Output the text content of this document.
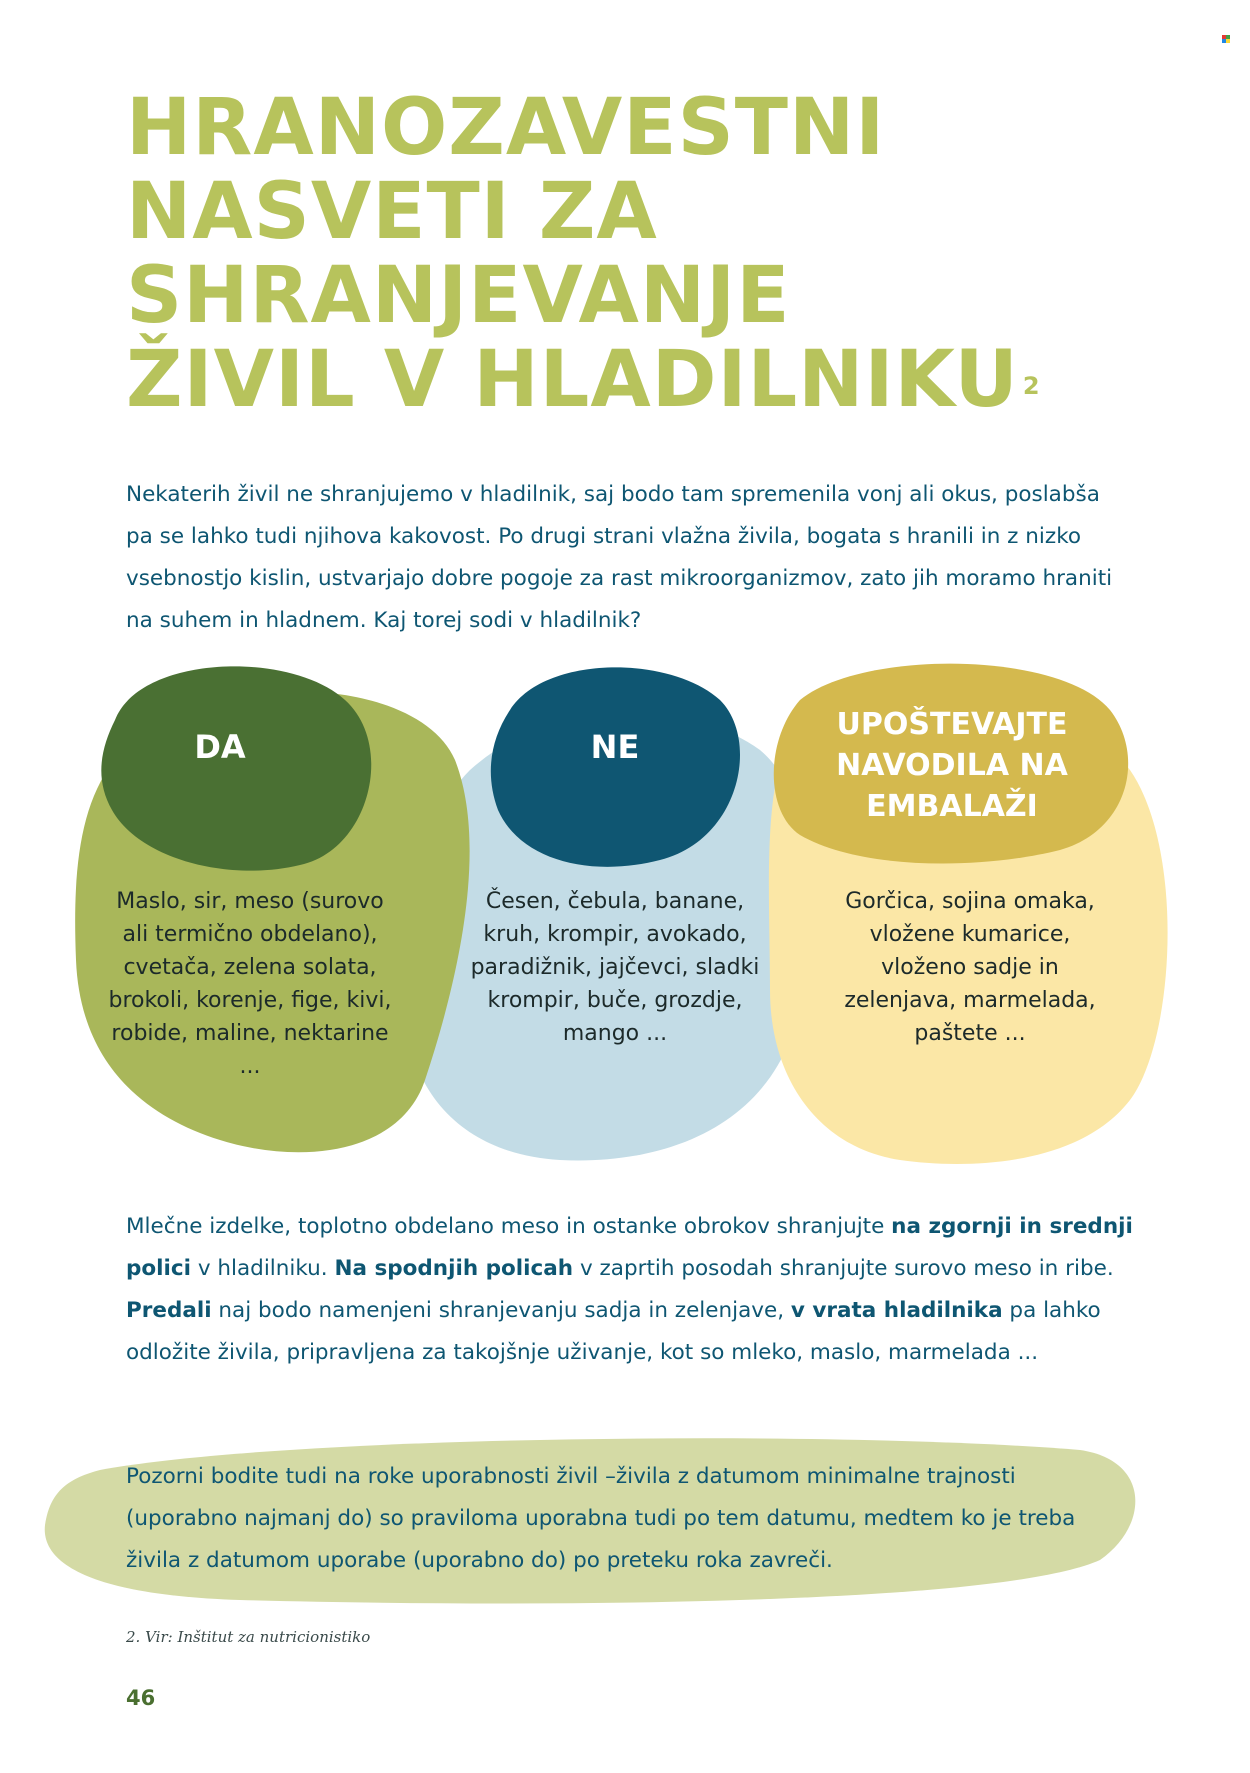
HRANOZAVESTNI
NASVETI ZA
SHRANJEVANJE
ŽIVIL V HLADILNIKU $^2$

Nekaterih živil ne shranjujemo v hladilnik, saj bodo tam spremenila vonj ali okus, poslabša pa se lahko tudi njihova kakovost. Po drugi strani vlažna živila, bogata s hranili in z nizko vsebnostjo kislin, ustvarjajo dobre pogoje za rast mikroorganizmov, zato jih moramo hraniti na suhem in hladnem. Kaj torej sodi v hladilnik?

DA	NE
UPOŠTEVAJTE NAVODILA NA EMBALAŽI
Maslo, sir, meso (surovo ali termično obdelano), cvetača, zelena solata, brokoli, korenje, fige, kivi, robide, maline, nektarine ...
Česen, čebula, banane, kruh, krompir, avokado, paradižnik, jajčevci, sladki krompir, buče, grozdje, mango ...
Gorčica, sojina omaka, vložene kumarice, vloženo sadje in zelenjava, marmelada, paštete ...

Mlečne izdelke, toplotno obdelano meso in ostanke obrokov shranjujte na zgornji in srednji polici v hladilniku. Na spodnjih policah v zaprtih posodah shranjujte surovo meso in ribe. Predali naj bodo namenjeni shranjevanju sadja in zelenjave, v vrata hladilnika pa lahko odložite živila, pripravljena za takojšnje uživanje, kot so mleko, maslo, marmelada ...

Pozorni bodite tudi na roke uporabnosti živil –živila z datumom minimalne trajnosti (uporabno najmanj do) so praviloma uporabna tudi po tem datumu, medtem ko je treba živila z datumom uporabe (uporabno do) po preteku roka zavreči.

2. Vir: Inštitut za nutricionistiko
46
